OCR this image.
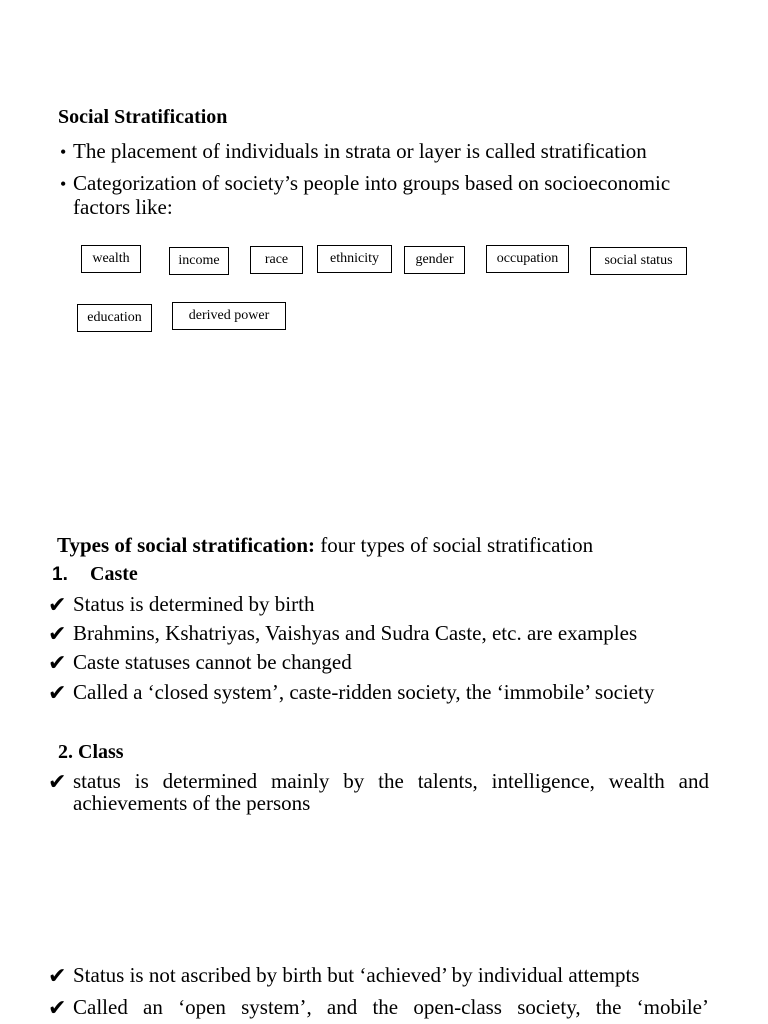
Social Stratification
• The placement of individuals in strata or layer is called stratification
• Categorization of society’s people into groups based on socioeconomic
factors like:
wealth	income	race	ethnicity	gender	occupation	social status
education	derived power
Types of social stratification: four types of social stratification
1. Caste
✔ Status is determined by birth
✔ Brahmins, Kshatriyas, Vaishyas and Sudra Caste, etc. are examples
✔ Caste statuses cannot be changed
✔ Called a ‘closed system’, caste-ridden society, the ‘immobile’ society
2. Class
✔ status is determined mainly by the talents, intelligence, wealth and
achievements of the persons
✔ Status is not ascribed by birth but ‘achieved’ by individual attempts
✔ Called an ‘open system’, and the open-class society, the ‘mobile’
